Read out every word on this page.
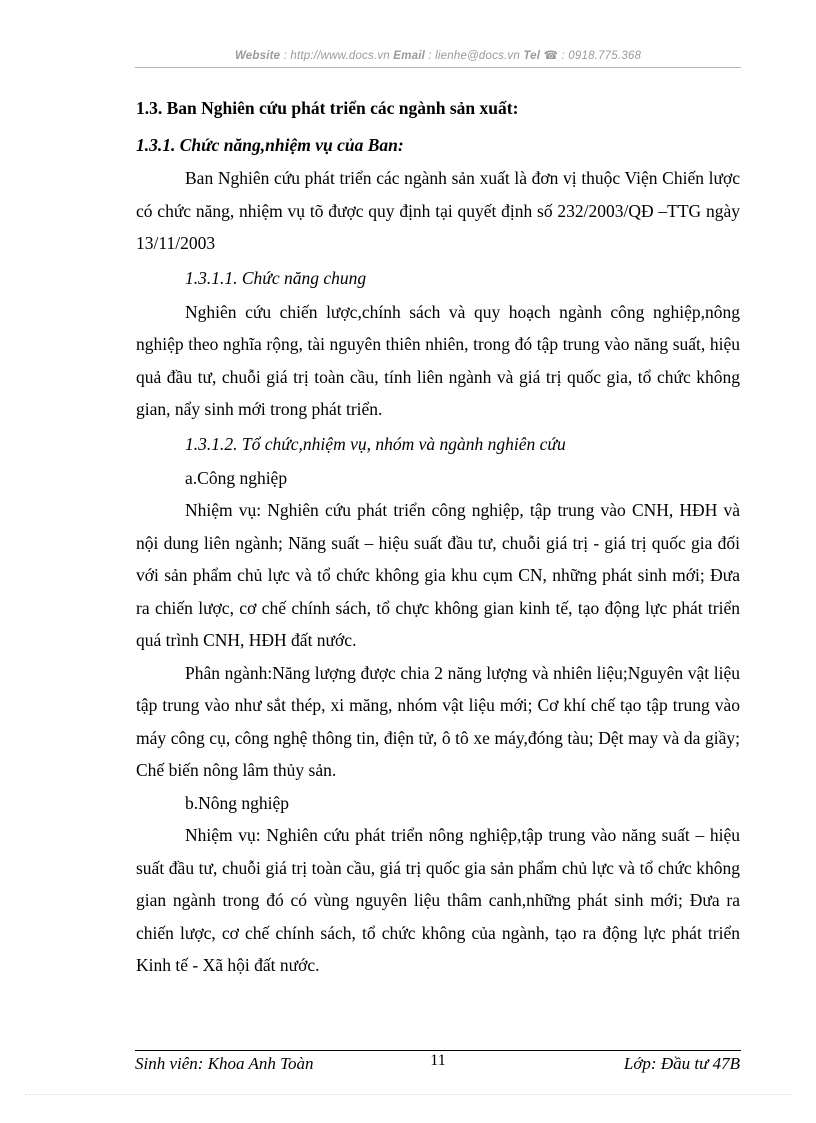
Website : http://www.docs.vn Email : lienhe@docs.vn Tel ☎ : 0918.775.368

1.3. Ban Nghiên cứu phát triển các ngành sản xuất:

1.3.1. Chức năng,nhiệm vụ của Ban:

Ban Nghiên cứu phát triển các ngành sản xuất là đơn vị thuộc Viện Chiến lược có chức năng, nhiệm vụ tõ được quy định tại quyết định số 232/2003/QĐ –TTG ngày 13/11/2003

1.3.1.1. Chức năng chung

Nghiên cứu chiến lược,chính sách và quy hoạch ngành công nghiệp,nông nghiệp theo nghĩa rộng, tài nguyên thiên nhiên, trong đó tập trung vào năng suất, hiệu quả đầu tư, chuỗi giá trị toàn cầu, tính liên ngành và giá trị quốc gia, tổ chức không gian, nẩy sinh mới trong phát triển.

1.3.1.2. Tổ chức,nhiệm vụ, nhóm và ngành nghiên cứu

a.Công nghiệp

Nhiệm vụ: Nghiên cứu phát triển công nghiệp, tập trung vào CNH, HĐH và nội dung liên ngành; Năng suất – hiệu suất đầu tư, chuỗi giá trị - giá trị quốc gia đối với sản phẩm chủ lực và tổ chức không gia khu cụm CN, những phát sinh mới; Đưa ra chiến lược, cơ chế chính sách, tổ chực không gian kinh tế, tạo động lực phát triển quá trình CNH, HĐH đất nước.

Phân ngành:Năng lượng được chia 2 năng lượng và nhiên liệu;Nguyên vật liệu tập trung vào như sắt thép, xi măng, nhóm vật liệu mới; Cơ khí chế tạo tập trung vào máy công cụ, công nghệ thông tin, điện tử, ô tô xe máy,đóng tàu; Dệt may và da giầy; Chế biến nông lâm thủy sản.

b.Nông nghiệp

Nhiệm vụ: Nghiên cứu phát triển nông nghiệp,tập trung vào năng suất – hiệu suất đầu tư, chuỗi giá trị toàn cầu, giá trị quốc gia sản phẩm chủ lực và tổ chức không gian ngành trong đó có vùng nguyên liệu thâm canh,những phát sinh mới; Đưa ra chiến lược, cơ chế chính sách, tổ chức không của ngành, tạo ra động lực phát triển Kinh tế - Xã hội đất nước.

Sinh viên: Khoa Anh Toàn	11	Lớp: Đầu tư 47B
